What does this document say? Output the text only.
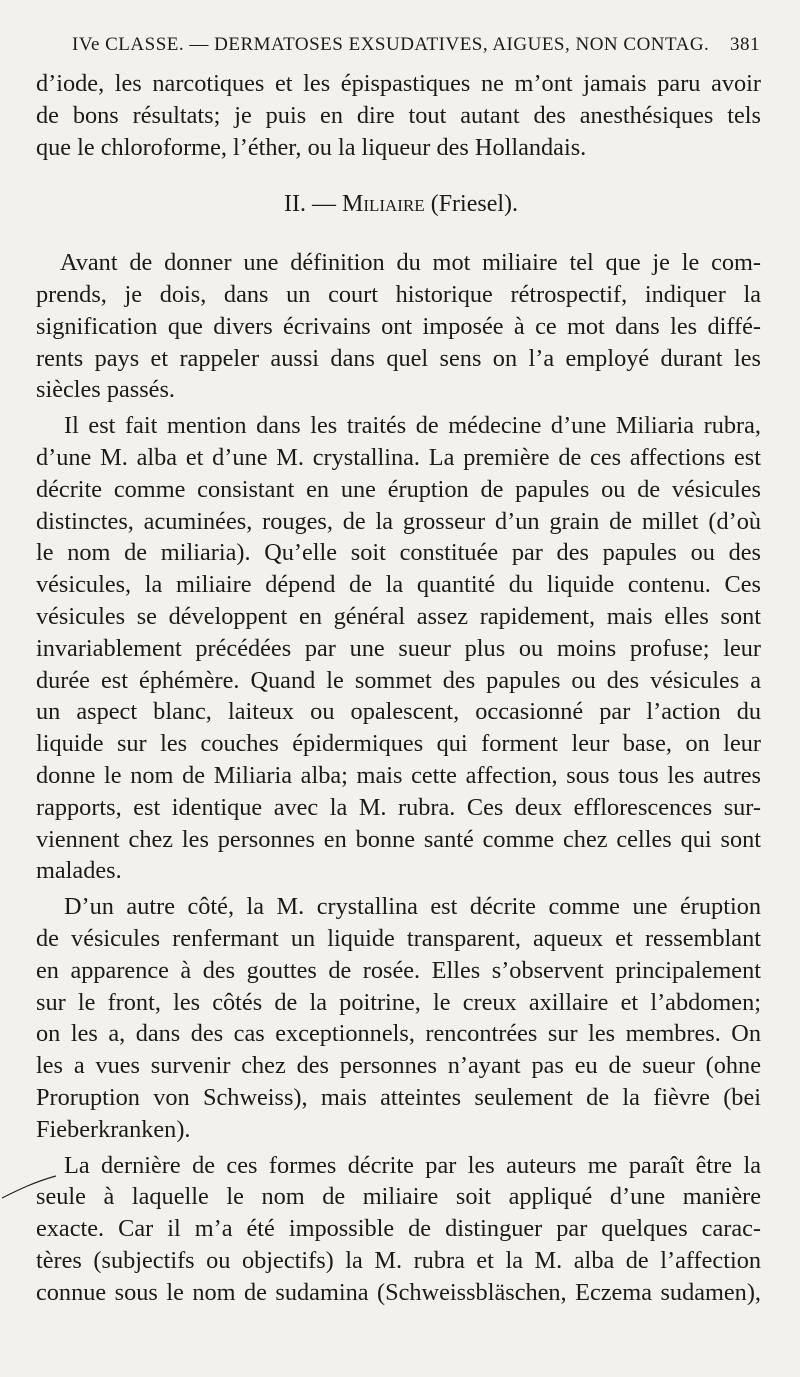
IVe CLASSE. — DERMATOSES EXSUDATIVES, AIGUES, NON CONTAG. 381
d’iode, les narcotiques et les épispastiques ne m’ont jamais paru avoir
de bons résultats; je puis en dire tout autant des anesthésiques tels
que le chloroforme, l’éther, ou la liqueur des Hollandais.
II. — Miliaire (Friesel).
Avant de donner une définition du mot miliaire tel que je le com-
prends, je dois, dans un court historique rétrospectif, indiquer la
signification que divers écrivains ont imposée à ce mot dans les diffé-
rents pays et rappeler aussi dans quel sens on l’a employé durant les
siècles passés.
Il est fait mention dans les traités de médecine d’une Miliaria rubra,
d’une M. alba et d’une M. crystallina. La première de ces affections est
décrite comme consistant en une éruption de papules ou de vésicules
distinctes, acuminées, rouges, de la grosseur d’un grain de millet (d’où
le nom de miliaria). Qu’elle soit constituée par des papules ou des
vésicules, la miliaire dépend de la quantité du liquide contenu. Ces
vésicules se développent en général assez rapidement, mais elles sont
invariablement précédées par une sueur plus ou moins profuse; leur
durée est éphémère. Quand le sommet des papules ou des vésicules a
un aspect blanc, laiteux ou opalescent, occasionné par l’action du
liquide sur les couches épidermiques qui forment leur base, on leur
donne le nom de Miliaria alba; mais cette affection, sous tous les autres
rapports, est identique avec la M. rubra. Ces deux efflorescences sur-
viennent chez les personnes en bonne santé comme chez celles qui sont
malades.
D’un autre côté, la M. crystallina est décrite comme une éruption
de vésicules renfermant un liquide transparent, aqueux et ressemblant
en apparence à des gouttes de rosée. Elles s’observent principalement
sur le front, les côtés de la poitrine, le creux axillaire et l’abdomen;
on les a, dans des cas exceptionnels, rencontrées sur les membres. On
les a vues survenir chez des personnes n’ayant pas eu de sueur (ohne
Proruption von Schweiss), mais atteintes seulement de la fièvre (bei
Fieberkranken).
La dernière de ces formes décrite par les auteurs me paraît être la
seule à laquelle le nom de miliaire soit appliqué d’une manière
exacte. Car il m’a été impossible de distinguer par quelques carac-
tères (subjectifs ou objectifs) la M. rubra et la M. alba de l’affection
connue sous le nom de sudamina (Schweissbläschen, Eczema sudamen),
